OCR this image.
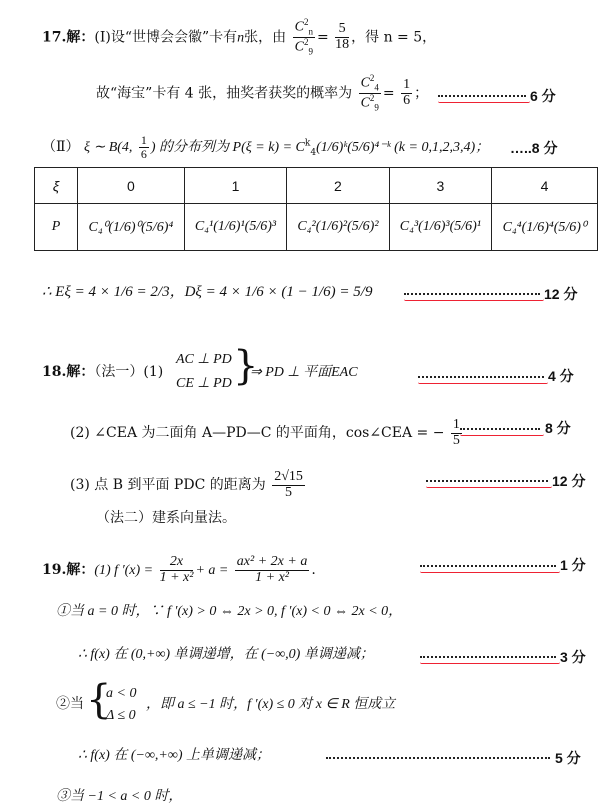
17.解：(I)设“世博会会徽”卡有n张，由 $\frac{C^2_n}{C^2_9} = \frac{5}{18}$ ，得 n = 5，
故“海宝”卡有 4 张，抽奖者获奖的概率为 $\frac{C^2_4}{C^2_9} = \frac{1}{6}$ ；	6 分
（Ⅱ） ξ ∼ B(4, $\frac{1}{6}$ ) 的分布列为 $P(\xi = k) = C^k_4(1/6)ᵏ(5/6)^{4-}ᵏ$ (k = 0,1,2,3,4)； …..8 分
ξ	0	1	2	3	4
P	C₄⁰(1/6)⁰(5/6)⁴	C₄¹(1/6)¹(5/6)³	C₄²(1/6)²(5/6)²	C₄³(1/6)³(5/6)¹	C₄⁴(1/6)⁴(5/6)⁰
∴ Eξ = 4 × 1/6 = 2/3，Dξ = 4 × 1/6 × (1 − 1/6) = 5/9	12 分
18.解：（法一）(1)
AC ⊥ PD
CE ⊥ PD }
⇒ PD ⊥ 平面EAC	4 分
(2) ∠CEA 为二面角 A—PD—C 的平面角，cos∠CEA = − $\frac{1}{5}$	8 分
(3) 点 B 到平面 PDC 的距离为 $\frac{2√15}{5}$	12 分
（法二）建系向量法。
19.解：(1) f $'(x) = \frac{2x}{\text{1 + x²}} + a = \frac{\text{ax² + 2x + a}}{\text{1 + x²}}$ .	1 分
①当 a = 0 时，∵ f ′(x) > 0 ⇔ 2x > 0, f ′(x) < 0 ⇔ 2x < 0，
∴ f(x) 在 (0,+∞) 单调递增，在 (−∞,0) 单调递减；	3 分
②当 {
a < 0
Δ ≤ 0
，即 a ≤ −1 时，f ′(x) ≤ 0 对 x ∈ R 恒成立
∴ f(x) 在 (−∞,+∞) 上单调递减；	5 分
③当 −1 < a < 0 时，
